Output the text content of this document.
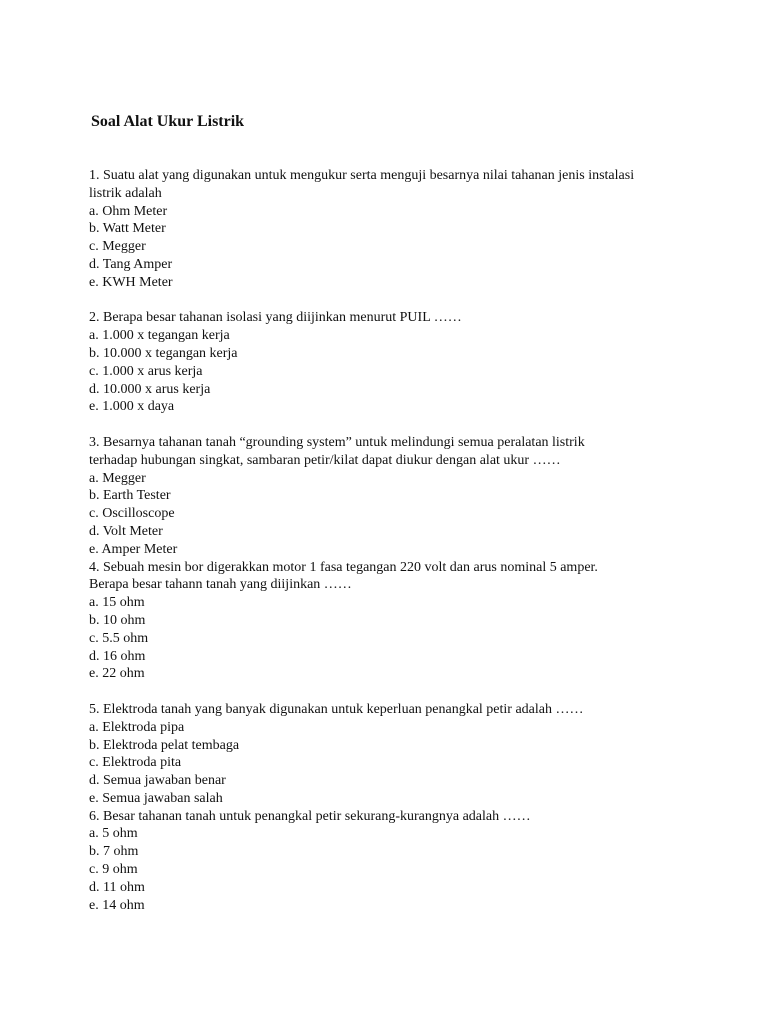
Soal Alat Ukur Listrik
1. Suatu alat yang digunakan untuk mengukur serta menguji besarnya nilai tahanan jenis instalasi
listrik adalah
a. Ohm Meter
b. Watt Meter
c. Megger
d. Tang Amper
e. KWH Meter
2. Berapa besar tahanan isolasi yang diijinkan menurut PUIL ……
a. 1.000 x tegangan kerja
b. 10.000 x tegangan kerja
c. 1.000 x arus kerja
d. 10.000 x arus kerja
e. 1.000 x daya
3. Besarnya tahanan tanah “grounding system” untuk melindungi semua peralatan listrik
terhadap hubungan singkat, sambaran petir/kilat dapat diukur dengan alat ukur ……
a. Megger
b. Earth Tester
c. Oscilloscope
d. Volt Meter
e. Amper Meter
4. Sebuah mesin bor digerakkan motor 1 fasa tegangan 220 volt dan arus nominal 5 amper.
Berapa besar tahann tanah yang diijinkan ……
a. 15 ohm
b. 10 ohm
c. 5.5 ohm
d. 16 ohm
e. 22 ohm
5. Elektroda tanah yang banyak digunakan untuk keperluan penangkal petir adalah ……
a. Elektroda pipa
b. Elektroda pelat tembaga
c. Elektroda pita
d. Semua jawaban benar
e. Semua jawaban salah
6. Besar tahanan tanah untuk penangkal petir sekurang-kurangnya adalah ……
a. 5 ohm
b. 7 ohm
c. 9 ohm
d. 11 ohm
e. 14 ohm
